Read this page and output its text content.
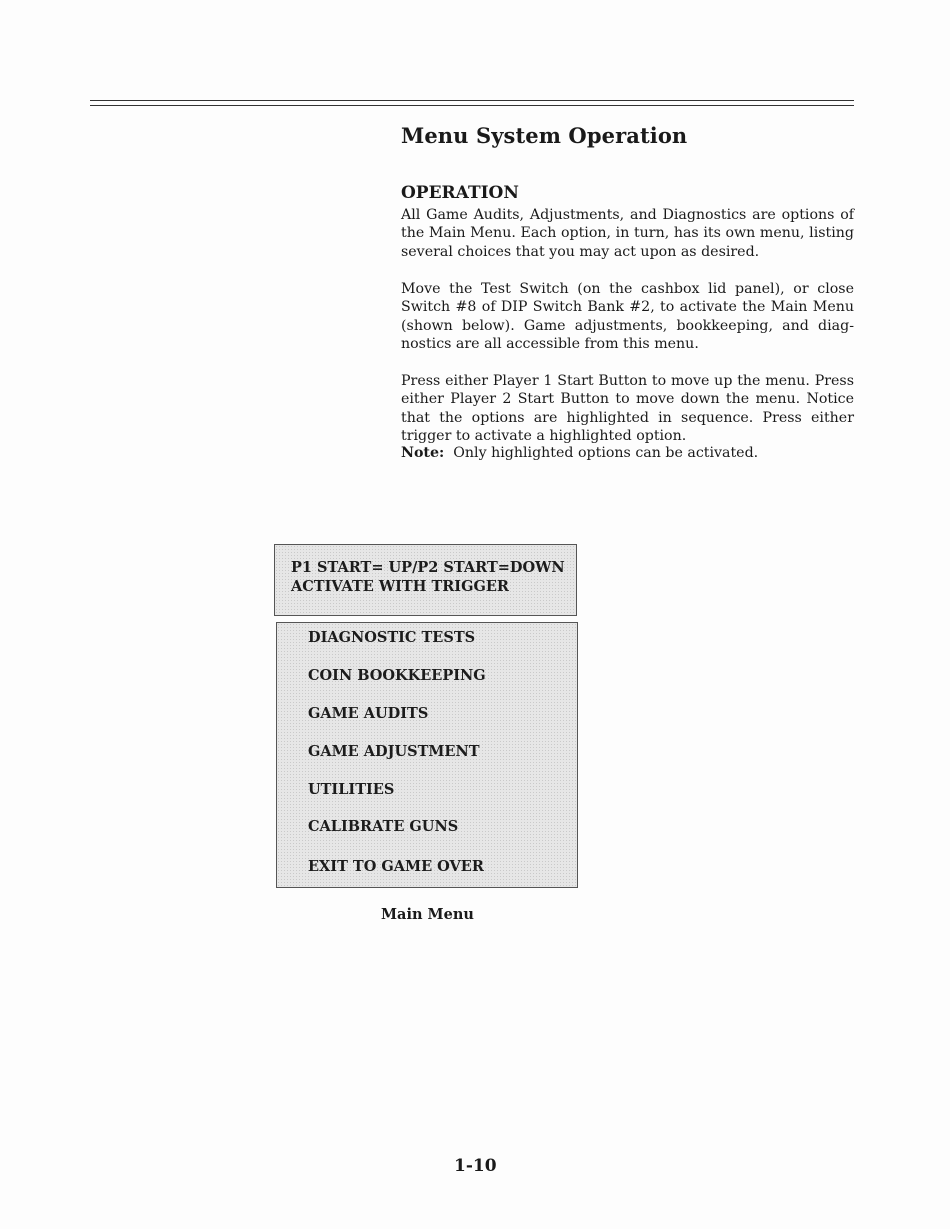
Menu System Operation
OPERATION

All Game Audits, Adjustments, and Diagnostics are options of the Main Menu. Each option, in turn, has its own menu, listing several choices that you may act upon as desired.

Move the Test Switch (on the cashbox lid panel), or close Switch #8 of DIP Switch Bank #2, to activate the Main Menu (shown below). Game adjustments, bookkeeping, and diag-nostics are all accessible from this menu.

Press either Player 1 Start Button to move up the menu. Press either Player 2 Start Button to move down the menu. Notice that the options are highlighted in sequence. Press either trigger to activate a highlighted option.

Note: Only highlighted options can be activated.

P1 START= UP/P2 START=DOWN
ACTIVATE WITH TRIGGER
DIAGNOSTIC TESTS
COIN BOOKKEEPING
GAME AUDITS
GAME ADJUSTMENT
UTILITIES
CALIBRATE GUNS
EXIT TO GAME OVER

Main Menu

1-10
